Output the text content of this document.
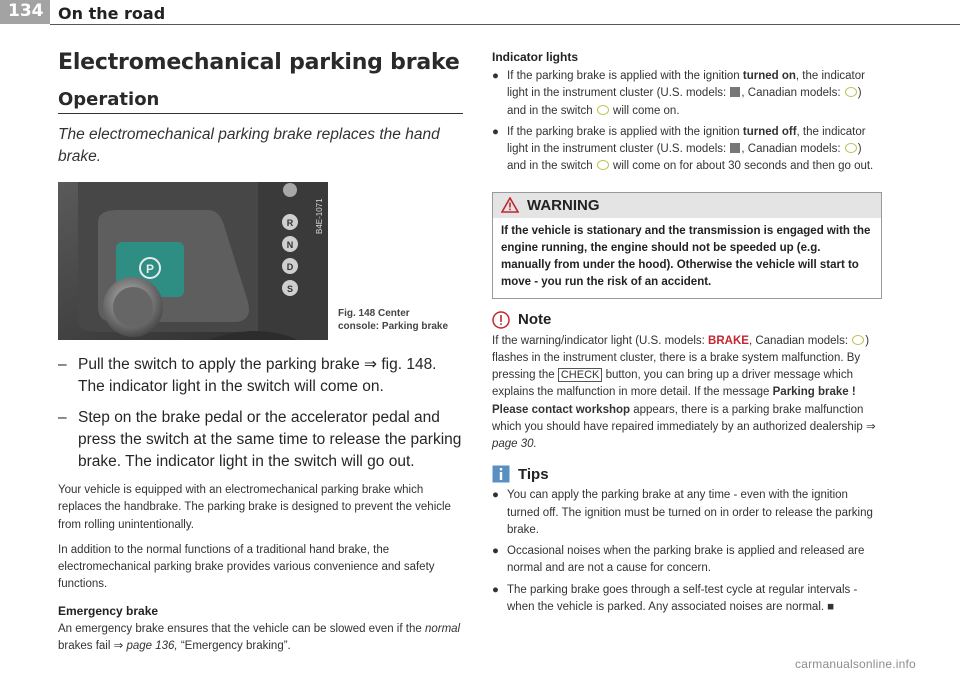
134 On the road
Electromechanical parking brake
Operation

The electromechanical parking brake replaces the hand brake.

P
R
N
D
S
B4E-1071
Fig. 148 Center
console: Parking brake
– Pull the switch to apply the parking brake ⇒ fig. 148. The indicator light in the switch will come on.
– Step on the brake pedal or the accelerator pedal and press the switch at the same time to release the parking brake. The indicator light in the switch will go out.

Your vehicle is equipped with an electromechanical parking brake which replaces the handbrake. The parking brake is designed to prevent the vehicle from rolling unintentionally.

In addition to the normal functions of a traditional hand brake, the electromechanical parking brake provides various convenience and safety functions.

Emergency brake

An emergency brake ensures that the vehicle can be slowed even if the normal brakes fail ⇒ page 136, “Emergency braking”.

Indicator lights
● If the parking brake is applied with the ignition turned on, the indicator light in the instrument cluster (U.S. models: , Canadian models: ) and in the switch  will come on.
● If the parking brake is applied with the ignition turned off, the indicator light in the instrument cluster (U.S. models: , Canadian models: ) and in the switch  will come on for about 30 seconds and then go out.
WARNING
If the vehicle is stationary and the transmission is engaged with the engine running, the engine should not be speeded up (e.g. manually from under the hood). Otherwise the vehicle will start to move - you run the risk of an accident.
Note

If the warning/indicator light (U.S. models: BRAKE, Canadian models: ) flashes in the instrument cluster, there is a brake system malfunction. By pressing the CHECK button, you can bring up a driver message which explains the malfunction in more detail. If the message Parking brake ! Please contact workshop appears, there is a parking brake malfunction which you should have repaired immediately by an authorized dealership ⇒ page 30.

Tips
● You can apply the parking brake at any time - even with the ignition turned off. The ignition must be turned on in order to release the parking brake.
● Occasional noises when the parking brake is applied and released are normal and are not a cause for concern.
● The parking brake goes through a self-test cycle at regular intervals - when the vehicle is parked. Any associated noises are normal. ■
carmanualsonline.info
